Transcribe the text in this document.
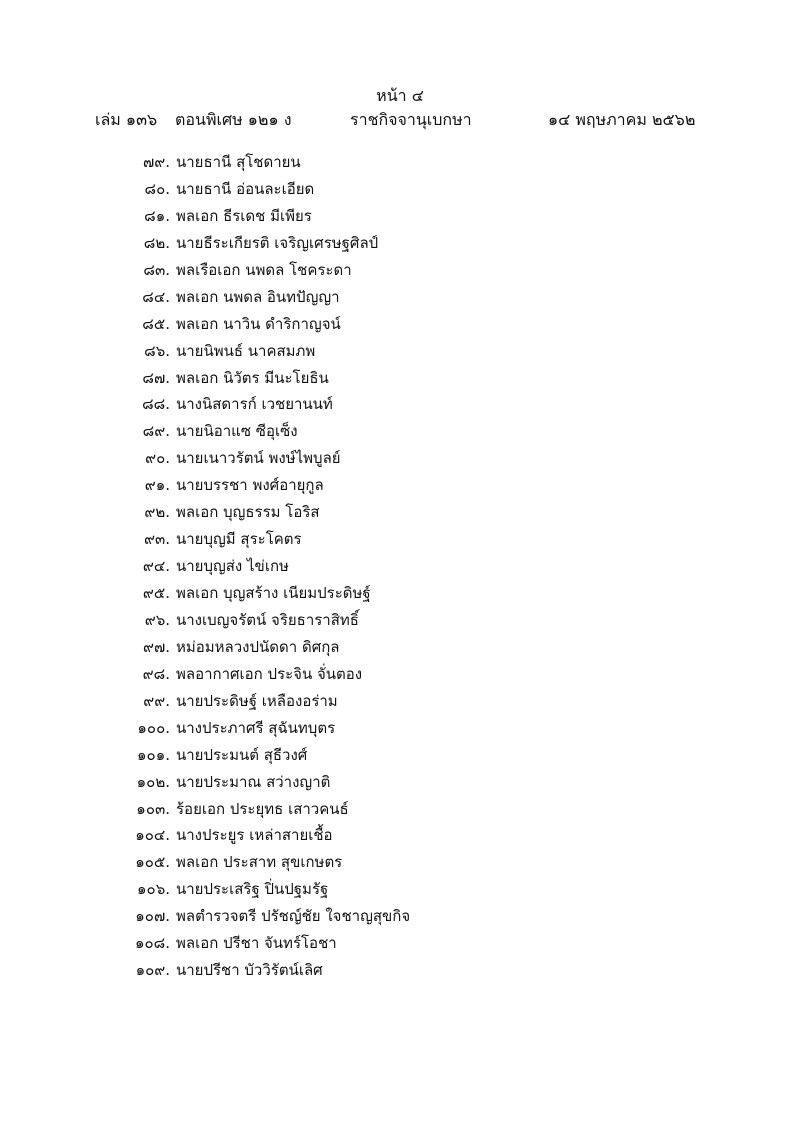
หน้า ๔
เล่ม ๑๓๖ ตอนพิเศษ ๑๒๑ ง	ราชกิจจานุเบกษา	๑๔ พฤษภาคม ๒๕๖๒
๗๙. นายธานี สุโชดายน
๘๐. นายธานี อ่อนละเอียด
๘๑. พลเอก ธีรเดช มีเพียร
๘๒. นายธีระเกียรติ เจริญเศรษฐศิลป์
๘๓. พลเรือเอก นพดล โชคระดา
๘๔. พลเอก นพดล อินทปัญญา
๘๕. พลเอก นาวิน ดำริกาญจน์
๘๖. นายนิพนธ์ นาคสมภพ
๘๗. พลเอก นิวัตร มีนะโยธิน
๘๘. นางนิสดารก์ เวชยานนท์
๘๙. นายนิอาแซ ซีอุเซ็ง
๙๐. นายเนาวรัตน์ พงษ์ไพบูลย์
๙๑. นายบรรชา พงศ์อายุกูล
๙๒. พลเอก บุญธรรม โอริส
๙๓. นายบุญมี สุระโคตร
๙๔. นายบุญส่ง ไข่เกษ
๙๕. พลเอก บุญสร้าง เนียมประดิษฐ์
๙๖. นางเบญจรัตน์ จริยธาราสิทธิ์
๙๗. หม่อมหลวงปนัดดา ดิศกุล
๙๘. พลอากาศเอก ประจิน จั่นตอง
๙๙. นายประดิษฐ์ เหลืองอร่าม
๑๐๐. นางประภาศรี สุฉันทบุตร
๑๐๑. นายประมนต์ สุธีวงศ์
๑๐๒. นายประมาณ สว่างญาติ
๑๐๓. ร้อยเอก ประยุทธ เสาวคนธ์
๑๐๔. นางประยูร เหล่าสายเชื้อ
๑๐๕. พลเอก ประสาท สุขเกษตร
๑๐๖. นายประเสริฐ ปิ่นปฐมรัฐ
๑๐๗. พลตำรวจตรี ปรัชญ์ชัย ใจชาญสุขกิจ
๑๐๘. พลเอก ปรีชา จันทร์โอชา
๑๐๙. นายปรีชา บัววิรัตน์เลิศ
